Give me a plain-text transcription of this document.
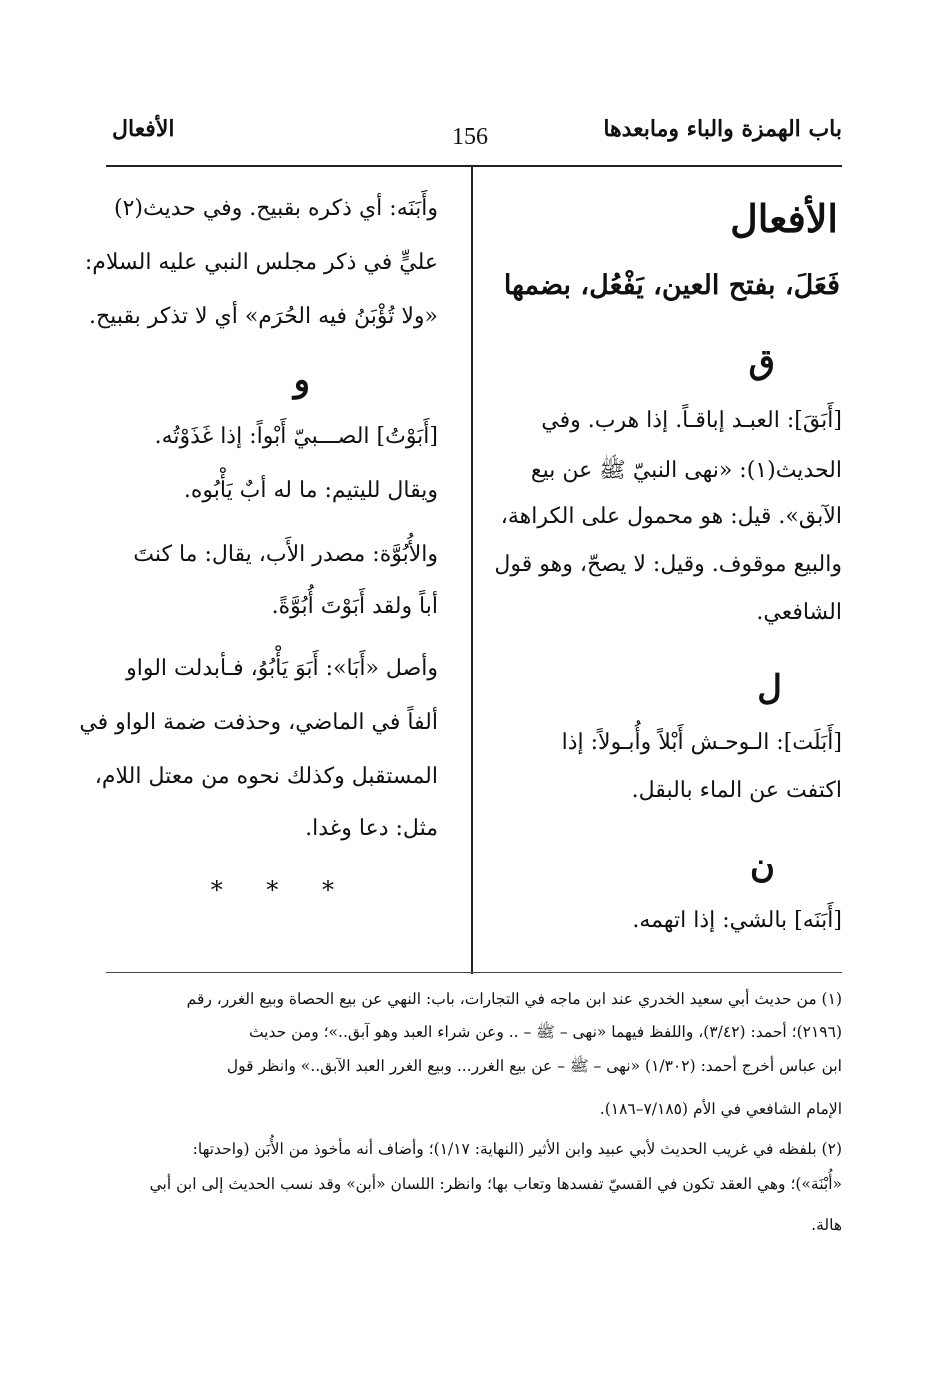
باب الهمزة والباء ومابعدها
156
الأفعال
الأفعال
فَعَلَ، بفتح العين، يَفْعُل، بضمها
ق
[أَبَقَ]: العبـد إباقـاً. إذا هرب. وفي
الحديث(١): «نهى النبيّ ﷺ عن بيع
الآبق». قيل: هو محمول على الكراهة،
والبيع موقوف. وقيل: لا يصحّ، وهو قول
الشافعي.
ل
[أَبَلَت]: الـوحـش أَبْلاً وأُبـولاً: إذا
اكتفت عن الماء بالبقل.
ن
[أَبَنَه] بالشي: إذا اتهمه.
وأَبَنَه: أي ذكره بقبيح. وفي حديث(٢)
عليٍّ في ذكر مجلس النبي عليه السلام:
«ولا تُؤْبَنُ فيه الحُرَم» أي لا تذكر بقبيح.
و
[أَبَوْتُ] الصـــبيّ أَبْواً: إذا غَذَوْتُه.
ويقال لليتيم: ما له أبٌ يَأْبُوه.
والأُبُوَّة: مصدر الأَب، يقال: ما كنتَ
أباً ولقد أَبَوْتَ أُبُوَّةً.
وأصل «أَبَا»: أَبَوَ يَأْبُوُ، فـأبدلت الواو
ألفاً في الماضي، وحذفت ضمة الواو في
المستقبل وكذلك نحوه من معتل اللام،
مثل: دعا وغدا.
* * *
(١) من حديث أبي سعيد الخدري عند ابن ماجه في التجارات، باب: النهي عن بيع الحصاة وبيع الغرر، رقم
(٢١٩٦)؛ أحمد: (٣/٤٢)، واللفظ فيهما «نهى – ﷺ – .. وعن شراء العبد وهو آبق..»؛ ومن حديث
ابن عباس أخرج أحمد: (١/٣٠٢) «نهى – ﷺ – عن بيع الغرر... وبيع الغرر العبد الآبق..» وانظر قول
الإمام الشافعي في الأم (٧/١٨٥–١٨٦).
(٢) بلفظه في غريب الحديث لأبي عبيد وابن الأثير (النهاية: ١/١٧)؛ وأضاف أنه مأخوذ من الأُبَن (واحدتها:
«أُبْنَة»)؛ وهي العقد تكون في القسيّ تفسدها وتعاب بها؛ وانظر: اللسان «أبن» وقد نسب الحديث إلى ابن أبي
هالة.
